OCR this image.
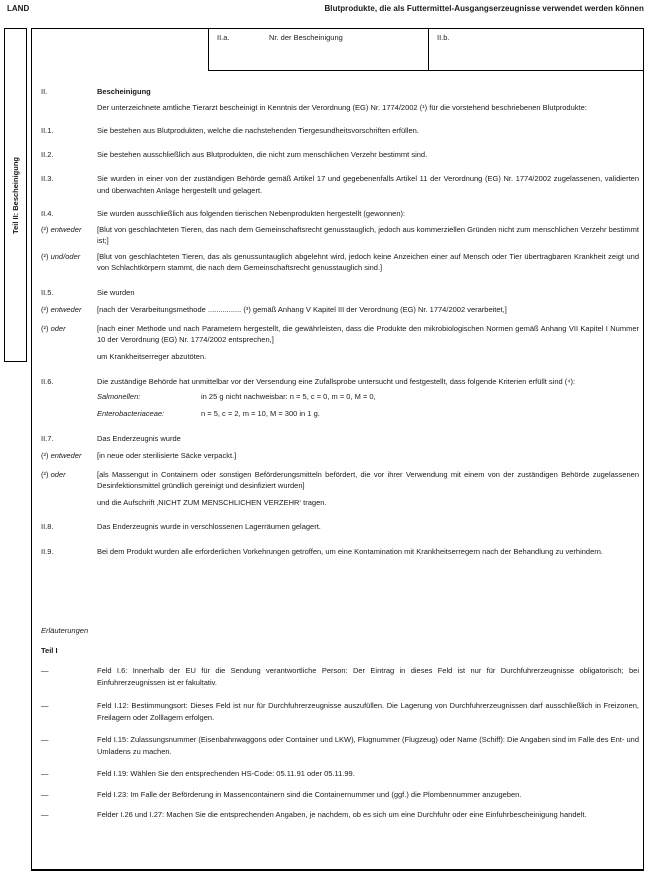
LAND	Blutprodukte, die als Futtermittel-Ausgangserzeugnisse verwendet werden können
Teil II: Bescheinigung
II.a.	Nr. der Bescheinigung	II.b.
II.	Bescheinigung
Der unterzeichnete amtliche Tierarzt bescheinigt in Kenntnis der Verordnung (EG) Nr. 1774/2002 (¹) für die vorstehend beschriebenen Blutprodukte:
II.1.	Sie bestehen aus Blutprodukten, welche die nachstehenden Tiergesundheitsvorschriften erfüllen.
II.2.	Sie bestehen ausschließlich aus Blutprodukten, die nicht zum menschlichen Verzehr bestimmt sind.
II.3.	Sie wurden in einer von der zuständigen Behörde gemäß Artikel 17 und gegebenenfalls Artikel 11 der Verordnung (EG) Nr. 1774/2002 zugelassenen, validierten und überwachten Anlage hergestellt und gelagert.
II.4.	Sie wurden ausschließlich aus folgenden tierischen Nebenprodukten hergestellt (gewonnen):
(²) entweder	[Blut von geschlachteten Tieren, das nach dem Gemeinschaftsrecht genusstauglich, jedoch aus kommerziellen Gründen nicht zum menschlichen Verzehr bestimmt ist;]
(²) und/oder	[Blut von geschlachteten Tieren, das als genussuntauglich abgelehnt wird, jedoch keine Anzeichen einer auf Mensch oder Tier übertragbaren Krankheit zeigt und von Schlachtkörpern stammt, die nach dem Gemeinschaftsrecht genusstauglich sind.]
II.5.	Sie wurden
(²) entweder	[nach der Verarbeitungsmethode ................ (³) gemäß Anhang V Kapitel III der Verordnung (EG) Nr. 1774/2002 verarbeitet,]
(²) oder	[nach einer Methode und nach Parametern hergestellt, die gewährleisten, dass die Produkte den mikrobiologischen Normen gemäß Anhang VII Kapitel I Nummer 10 der Verordnung (EG) Nr. 1774/2002 entsprechen,]
um Krankheitserreger abzutöten.
II.6.	Die zuständige Behörde hat unmittelbar vor der Versendung eine Zufallsprobe untersucht und festgestellt, dass folgende Kriterien erfüllt sind (⁴):
Salmonellen:	in 25 g nicht nachweisbar: n = 5, c = 0, m = 0, M = 0,
Enterobacteriaceae:	n = 5, c = 2, m = 10, M = 300 in 1 g.
II.7.	Das Enderzeugnis wurde
(²) entweder	[in neue oder sterilisierte Säcke verpackt.]
(²) oder	[als Massengut in Containern oder sonstigen Beförderungsmitteln befördert, die vor ihrer Verwendung mit einem von der zuständigen Behörde zugelassenen Desinfektionsmittel gründlich gereinigt und desinfiziert wurden]
und die Aufschrift ‚NICHT ZUM MENSCHLICHEN VERZEHR‘ tragen.
II.8.	Das Enderzeugnis wurde in verschlossenen Lagerräumen gelagert.
II.9.	Bei dem Produkt wurden alle erforderlichen Vorkehrungen getroffen, um eine Kontamination mit Krankheitserregern nach der Behandlung zu verhindern.
Erläuterungen
Teil I
—	Feld I.6: Innerhalb der EU für die Sendung verantwortliche Person: Der Eintrag in dieses Feld ist nur für Durchfuhrerzeugnisse obligatorisch; bei Einfuhrerzeugnissen ist er fakultativ.
—	Feld I.12: Bestimmungsort: Dieses Feld ist nur für Durchfuhrerzeugnisse auszufüllen. Die Lagerung von Durchfuhrerzeugnissen darf ausschließlich in Freizonen, Freilagern oder Zolllagern erfolgen.
—	Feld I.15: Zulassungsnummer (Eisenbahnwaggons oder Container und LKW), Flugnummer (Flugzeug) oder Name (Schiff): Die Angaben sind im Falle des Ent- und Umladens zu machen.
—	Feld I.19: Wählen Sie den entsprechenden HS-Code: 05.11.91 oder 05.11.99.
—	Feld I.23: Im Falle der Beförderung in Massencontainern sind die Containernummer und (ggf.) die Plombennummer anzugeben.
—	Felder I.26 und I.27: Machen Sie die entsprechenden Angaben, je nachdem, ob es sich um eine Durchfuhr oder eine Einfuhrbescheinigung handelt.
